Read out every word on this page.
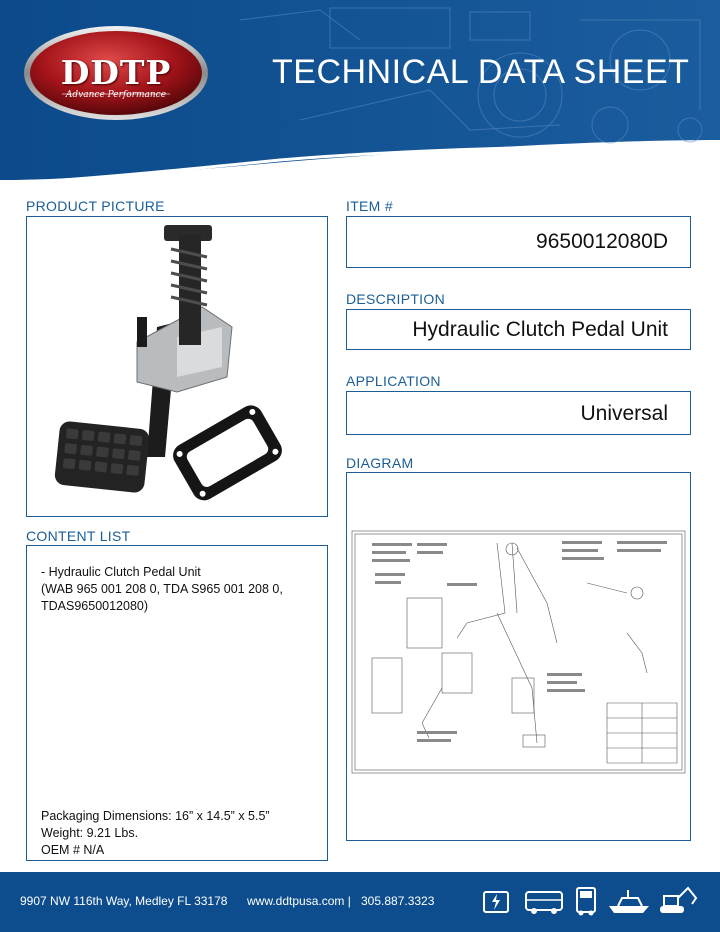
DDTP
Advance Performance
TECHNICAL DATA SHEET
PRODUCT PICTURE	ITEM #
9650012080D
DESCRIPTION
Hydraulic Clutch Pedal Unit
APPLICATION
Universal
DIAGRAM
CONTENT LIST
- Hydraulic Clutch Pedal Unit
(WAB 965 001 208 0, TDA S965 001 208 0,
TDAS9650012080)
Packaging Dimensions: 16” x 14.5” x 5.5”
Weight: 9.21 Lbs.
OEM # N/A
9907 NW 116th Way, Medley FL 33178 www.ddtpusa.com | 305.887.3323
